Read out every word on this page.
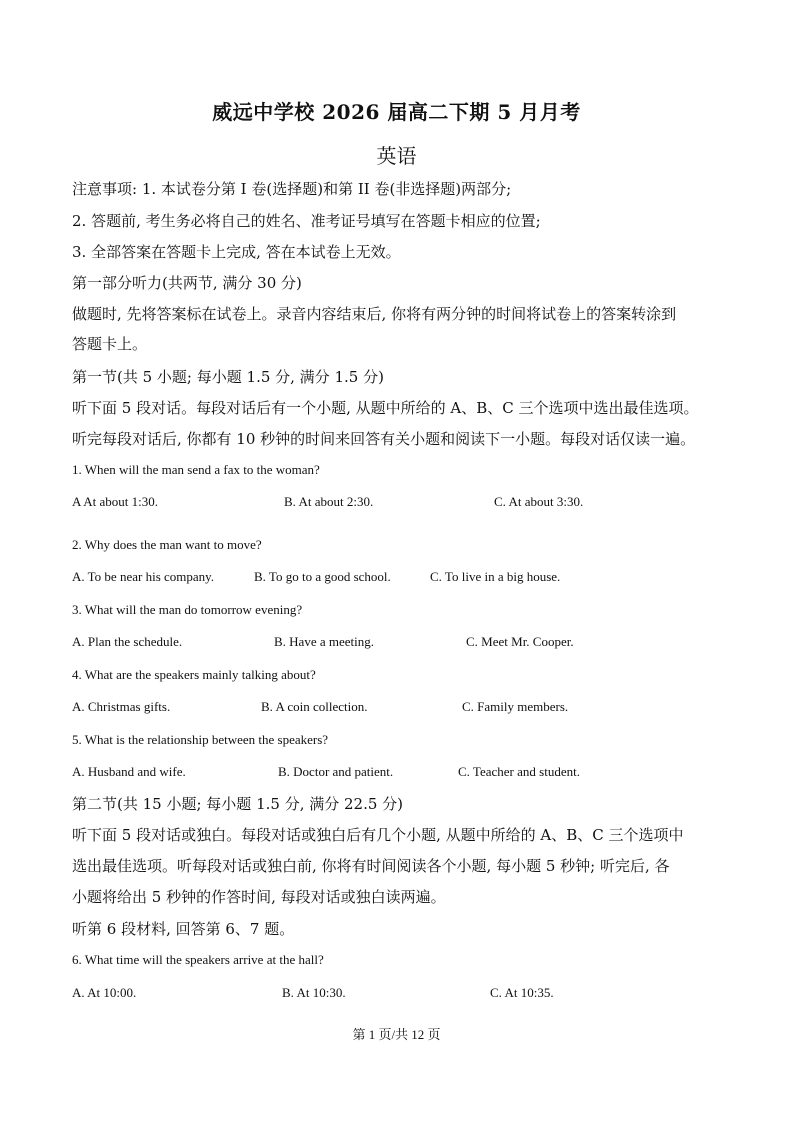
威远中学校 2026 届高二下期 5 月月考
英语
注意事项: 1. 本试卷分第 I 卷(选择题)和第 II 卷(非选择题)两部分;
2. 答题前, 考生务必将自己的姓名、准考证号填写在答题卡相应的位置;
3. 全部答案在答题卡上完成, 答在本试卷上无效。
第一部分听力(共两节, 满分 30 分)
做题时, 先将答案标在试卷上。录音内容结束后, 你将有两分钟的时间将试卷上的答案转涂到
答题卡上。
第一节(共 5 小题; 每小题 1.5 分, 满分 1.5 分)
听下面 5 段对话。每段对话后有一个小题, 从题中所给的 A、B、C 三个选项中选出最佳选项。
听完每段对话后, 你都有 10 秒钟的时间来回答有关小题和阅读下一小题。每段对话仅读一遍。
1. When will the man send a fax to the woman?
A At about 1:30.	B. At about 2:30.	C. At about 3:30.
2. Why does the man want to move?
A. To be near his company.	B. To go to a good school.	C. To live in a big house.
3. What will the man do tomorrow evening?
A. Plan the schedule.	B. Have a meeting.	C. Meet Mr. Cooper.
4. What are the speakers mainly talking about?
A. Christmas gifts.	B. A coin collection.	C. Family members.
5. What is the relationship between the speakers?
A. Husband and wife.	B. Doctor and patient.	C. Teacher and student.
第二节(共 15 小题; 每小题 1.5 分, 满分 22.5 分)
听下面 5 段对话或独白。每段对话或独白后有几个小题, 从题中所给的 A、B、C 三个选项中
选出最佳选项。听每段对话或独白前, 你将有时间阅读各个小题, 每小题 5 秒钟; 听完后, 各
小题将给出 5 秒钟的作答时间, 每段对话或独白读两遍。
听第 6 段材料, 回答第 6、7 题。
6. What time will the speakers arrive at the hall?
A. At 10:00.	B. At 10:30.	C. At 10:35.
第 1 页/共 12 页
